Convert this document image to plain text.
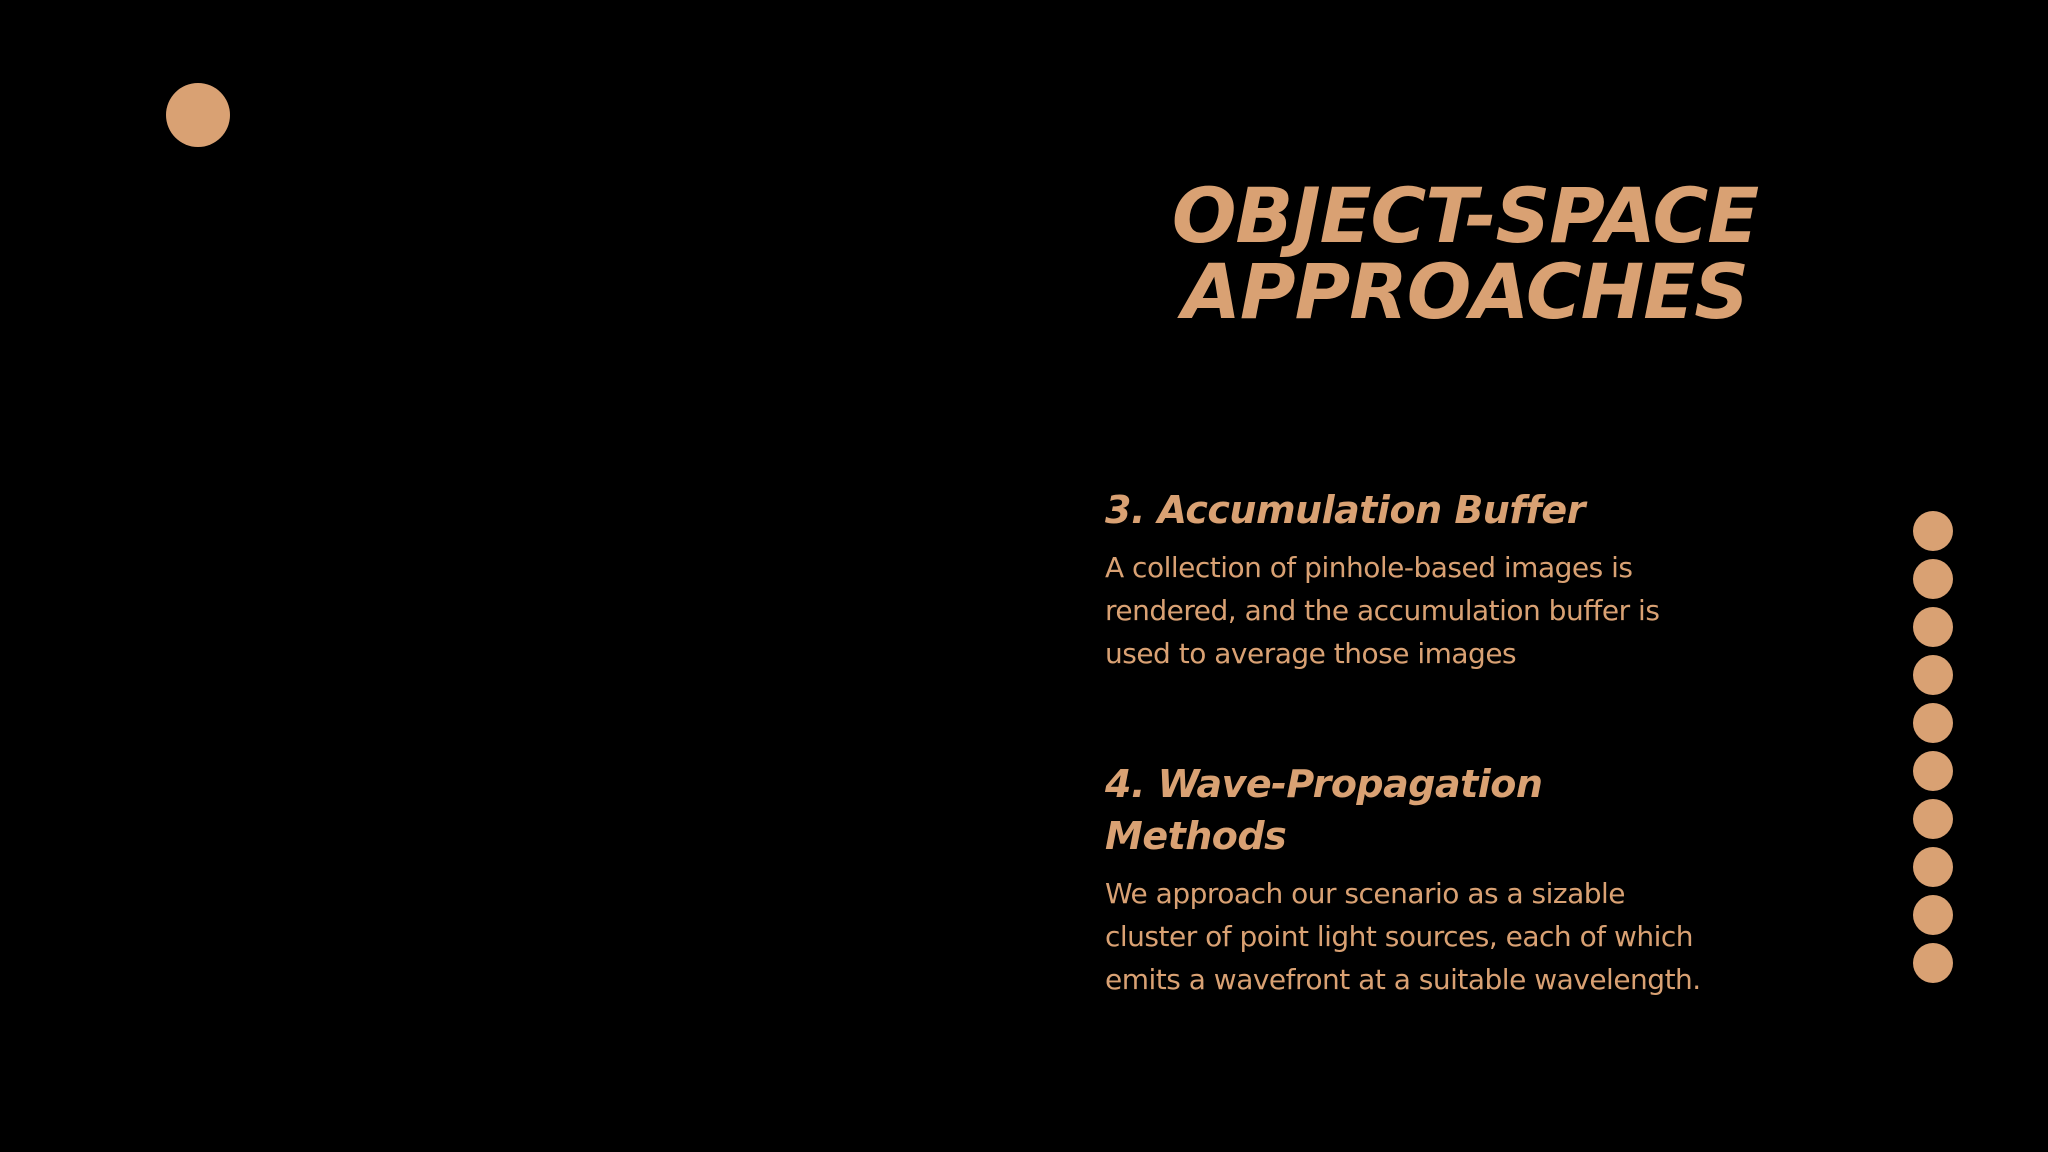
OBJECT-SPACE
APPROACHES
3. Accumulation Buffer

A collection of pinhole-based images is rendered, and the accumulation buffer is used to average those images

4. Wave-Propagation Methods

We approach our scenario as a sizable cluster of point light sources, each of which emits a wavefront at a suitable wavelength.
